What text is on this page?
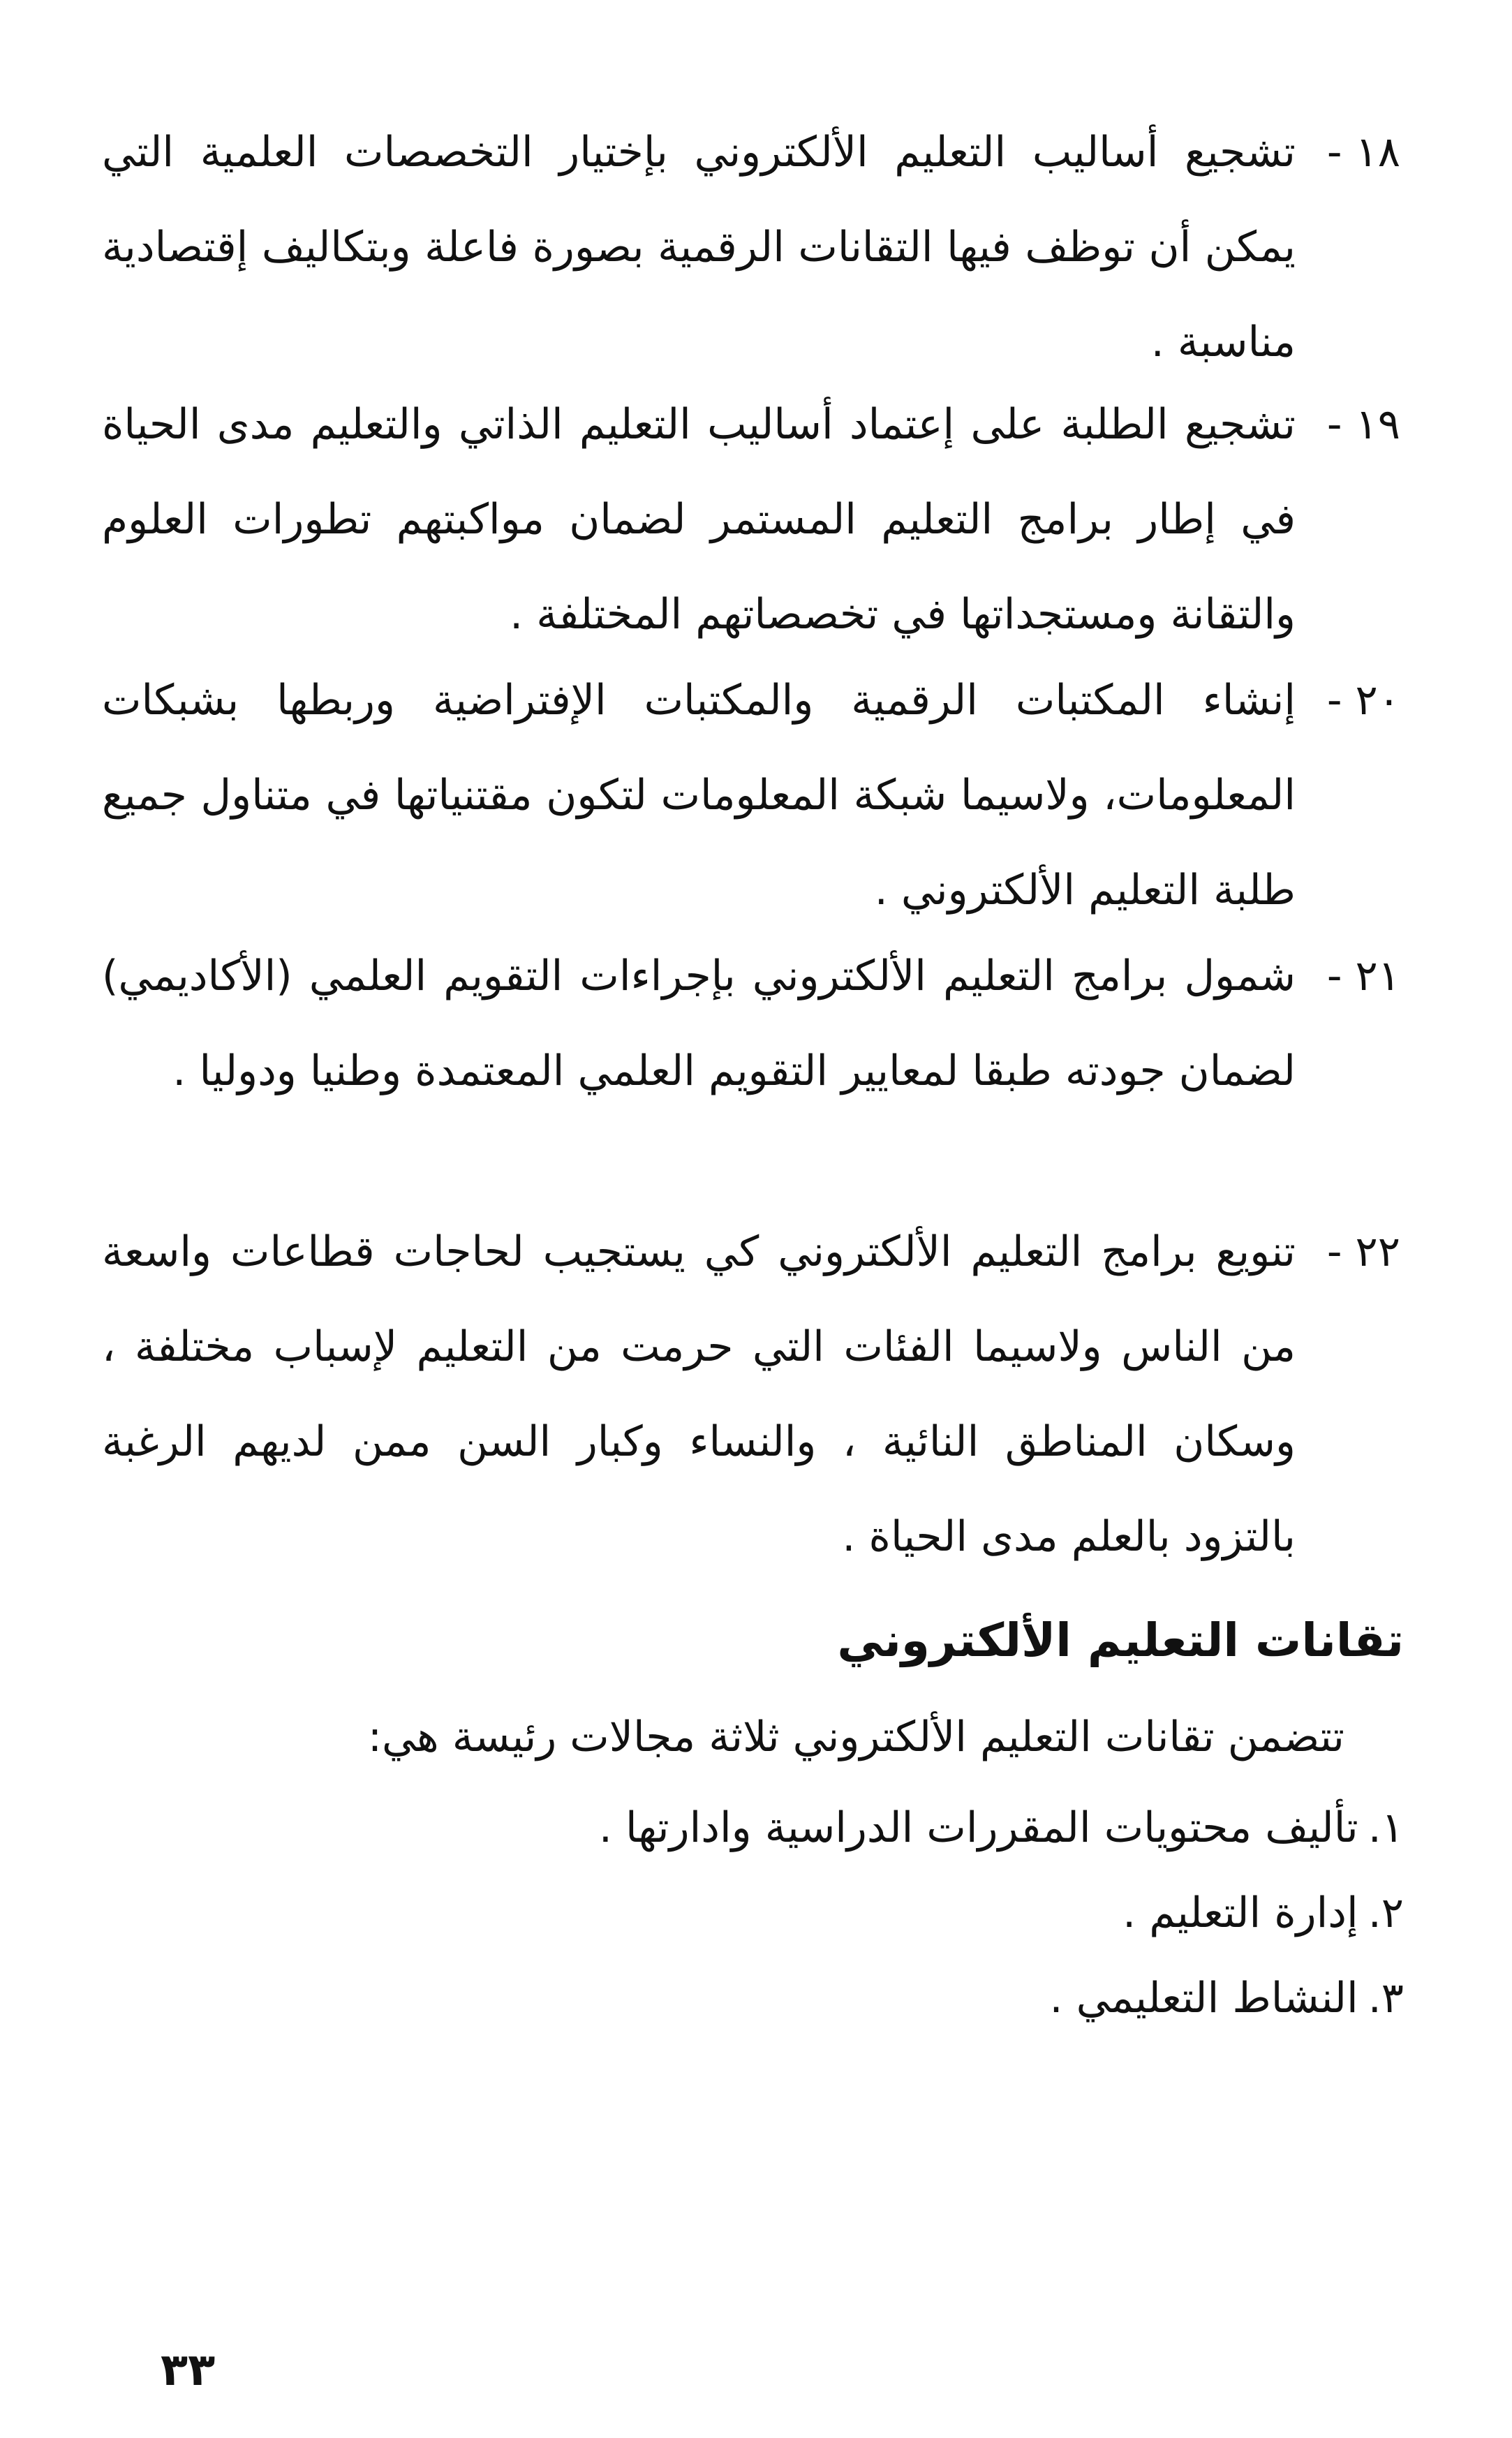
١٨ -
تشجيع أساليب التعليم الألكتروني بإختيار التخصصات العلمية التي يمكن أن توظف فيها التقانات الرقمية بصورة فاعلة وبتكاليف إقتصادية مناسبة .
١٩ -
تشجيع الطلبة على إعتماد أساليب التعليم الذاتي والتعليم مدى الحياة في إطار برامج التعليم المستمر لضمان مواكبتهم تطورات العلوم والتقانة ومستجداتها في تخصصاتهم المختلفة .
٢٠ -
إنشاء المكتبات الرقمية والمكتبات الإفتراضية وربطها بشبكات المعلومات، ولاسيما شبكة المعلومات لتكون مقتنياتها في متناول جميع طلبة التعليم الألكتروني .
٢١ -
شمول برامج التعليم الألكتروني بإجراءات التقويم العلمي (الأكاديمي) لضمان جودته طبقا لمعايير التقويم العلمي المعتمدة وطنيا ودوليا .
٢٢ -
تنويع برامج التعليم الألكتروني كي يستجيب لحاجات قطاعات واسعة من الناس ولاسيما الفئات التي حرمت من التعليم لإسباب مختلفة ، وسكان المناطق النائية ، والنساء وكبار السن ممن لديهم الرغبة بالتزود بالعلم مدى الحياة .
تقانات التعليم الألكتروني
تتضمن تقانات التعليم الألكتروني ثلاثة مجالات رئيسة هي:
١.تأليف محتويات المقررات الدراسية وادارتها .
٢.إدارة التعليم .
٣.النشاط التعليمي .
٣٣
